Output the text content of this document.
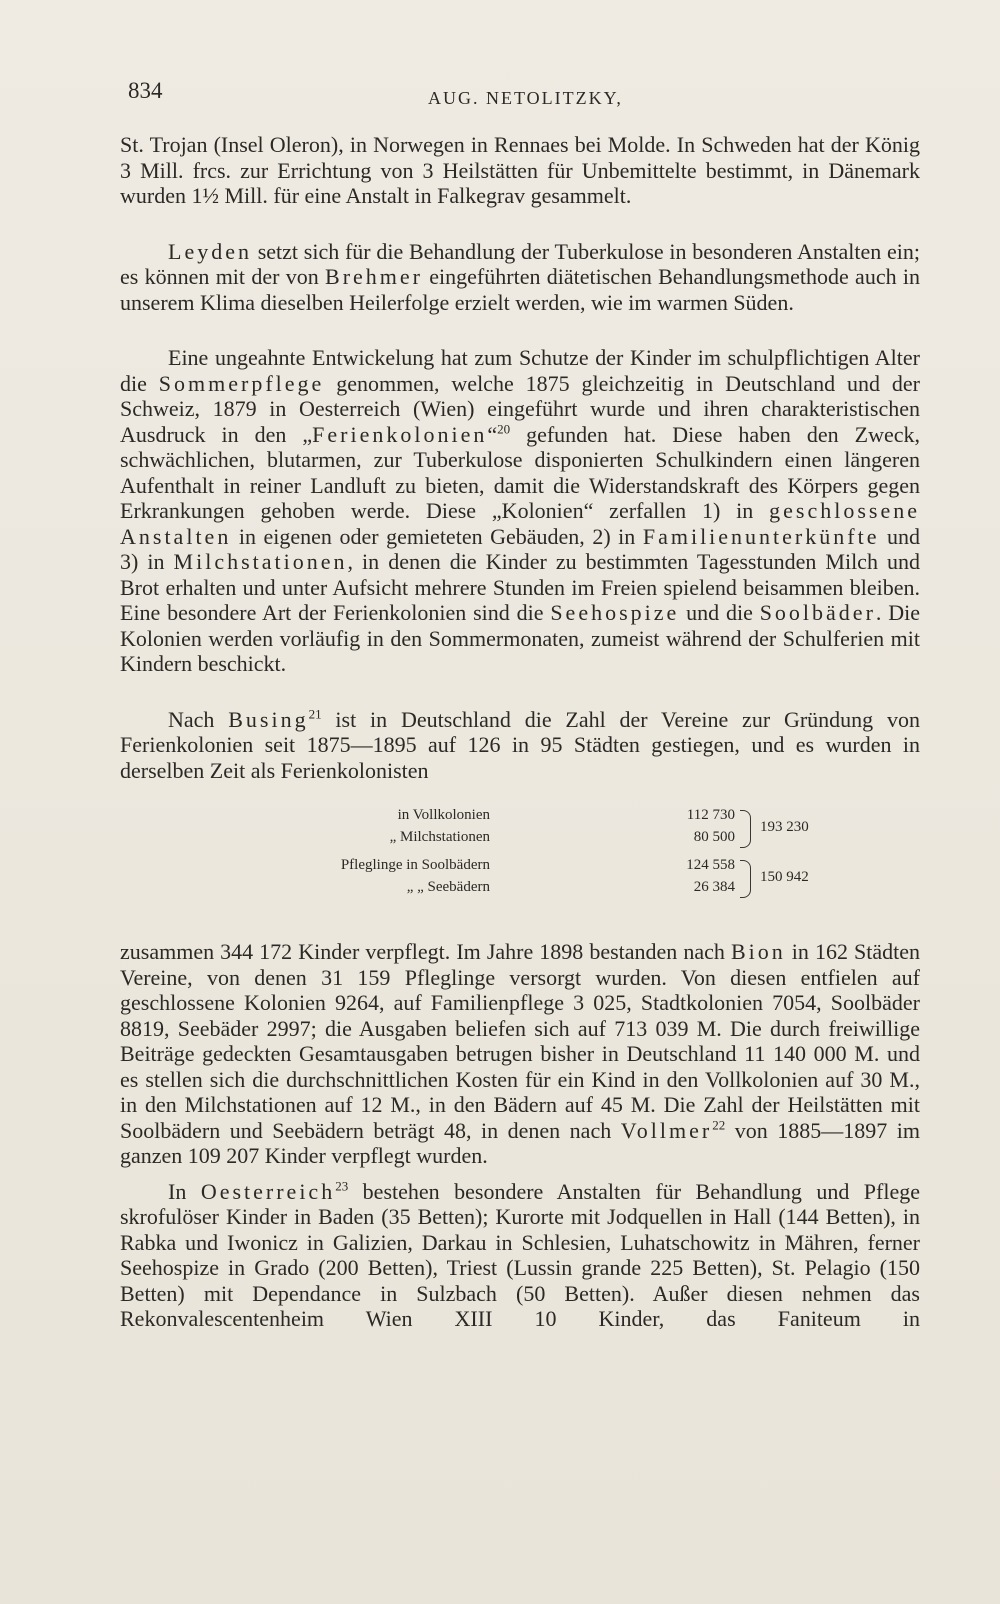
834	AUG. NETOLITZKY,

St. Trojan (Insel Oleron), in Norwegen in Rennaes bei Molde. In Schweden hat der König 3 Mill. frcs. zur Errichtung von 3 Heilstätten für Unbemittelte bestimmt, in Dänemark wurden 1½ Mill. für eine Anstalt in Falkegrav gesammelt.

Leyden setzt sich für die Behandlung der Tuberkulose in besonderen Anstalten ein; es können mit der von Brehmer eingeführten diätetischen Behandlungsmethode auch in unserem Klima dieselben Heilerfolge erzielt werden, wie im warmen Süden.

Eine ungeahnte Entwickelung hat zum Schutze der Kinder im schulpflichtigen Alter die Sommerpflege genommen, welche 1875 gleichzeitig in Deutschland und der Schweiz, 1879 in Oesterreich (Wien) eingeführt wurde und ihren charakteristischen Ausdruck in den „Ferienkolonien“$^{20}$ gefunden hat. Diese haben den Zweck, schwächlichen, blutarmen, zur Tuberkulose disponierten Schulkindern einen längeren Aufenthalt in reiner Landluft zu bieten, damit die Widerstandskraft des Körpers gegen Erkrankungen gehoben werde. Diese „Kolonien“ zerfallen 1) in geschlossene Anstalten in eigenen oder gemieteten Gebäuden, 2) in Familienunterkünfte und 3) in Milchstationen, in denen die Kinder zu bestimmten Tagesstunden Milch und Brot erhalten und unter Aufsicht mehrere Stunden im Freien spielend beisammen bleiben. Eine besondere Art der Ferienkolonien sind die Seehospize und die Soolbäder. Die Kolonien werden vorläufig in den Sommermonaten, zumeist während der Schulferien mit Kindern beschickt.

Nach Busing$^{21}$ ist in Deutschland die Zahl der Vereine zur Gründung von Ferienkolonien seit 1875—1895 auf 126 in 95 Städten gestiegen, und es wurden in derselben Zeit als Ferienkolonisten

in Vollkolonien	112 730
„ Milchstationen	80 500
Pfleglinge in Soolbädern	124 558
„ „ Seebädern	26 384
193 230
150 942

zusammen 344 172 Kinder verpflegt. Im Jahre 1898 bestanden nach Bion in 162 Städten Vereine, von denen 31 159 Pfleglinge versorgt wurden. Von diesen entfielen auf geschlossene Kolonien 9264, auf Familienpflege 3 025, Stadtkolonien 7054, Soolbäder 8819, Seebäder 2997; die Ausgaben beliefen sich auf 713 039 M. Die durch freiwillige Beiträge gedeckten Gesamtausgaben betrugen bisher in Deutschland 11 140 000 M. und es stellen sich die durchschnittlichen Kosten für ein Kind in den Vollkolonien auf 30 M., in den Milchstationen auf 12 M., in den Bädern auf 45 M. Die Zahl der Heilstätten mit Soolbädern und Seebädern beträgt 48, in denen nach Vollmer$^{22}$ von 1885—1897 im ganzen 109 207 Kinder verpflegt wurden.

In Oesterreich$^{23}$ bestehen besondere Anstalten für Behandlung und Pflege skrofulöser Kinder in Baden (35 Betten); Kurorte mit Jodquellen in Hall (144 Betten), in Rabka und Iwonicz in Galizien, Darkau in Schlesien, Luhatschowitz in Mähren, ferner Seehospize in Grado (200 Betten), Triest (Lussin grande 225 Betten), St. Pelagio (150 Betten) mit Dependance in Sulzbach (50 Betten). Außer diesen nehmen das Rekonvalescentenheim Wien XIII 10 Kinder, das Faniteum in
